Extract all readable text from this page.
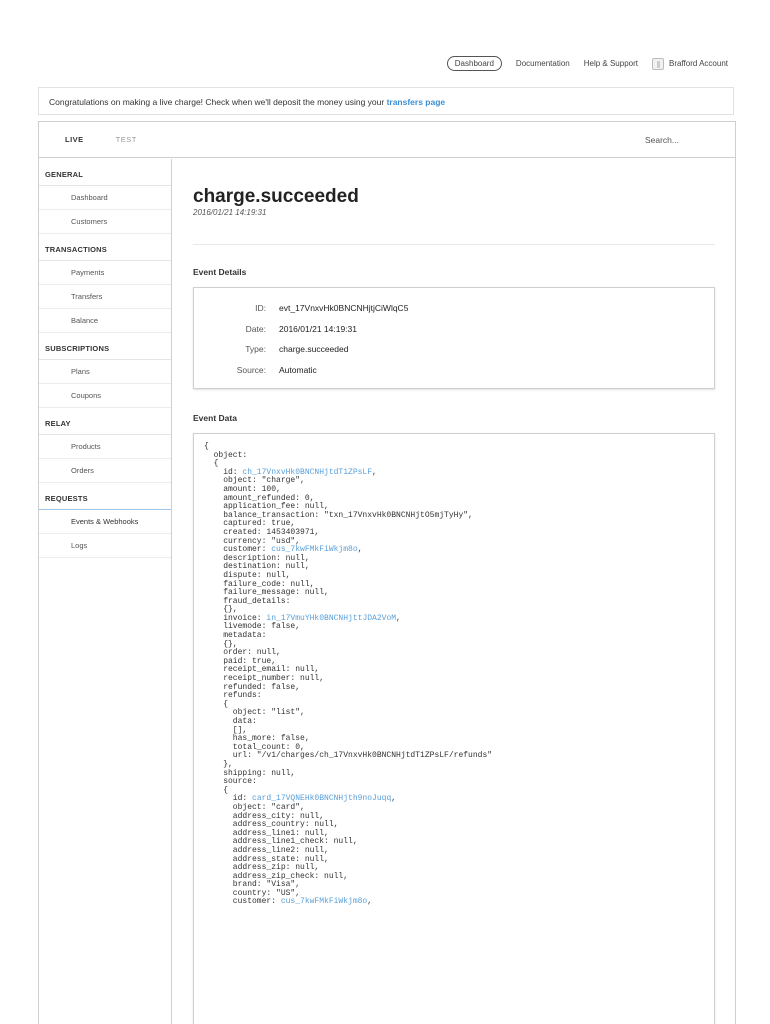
Dashboard	Documentation Help & Support	Brafford Account
Congratulations on making a live charge! Check when we'll deposit the money using your transfers page
LIVE	TEST	Search...
GENERAL
Dashboard
Customers
TRANSACTIONS
Payments
Transfers
Balance
SUBSCRIPTIONS
Plans
Coupons
RELAY
Products
Orders
REQUESTS
Events & Webhooks
Logs
charge.succeeded
2016/01/21 14:19:31
Event Details
ID: evt_17VnxvHk0BNCNHjtjCiWlqC5
Date: 2016/01/21 14:19:31
Type: charge.succeeded
Source: Automatic
Event Data
{
object:
{
id: ch_17VnxvHk0BNCNHjtdT1ZPsLF,
object: "charge",
amount: 100,
amount_refunded: 0,
application_fee: null,
balance_transaction: "txn_17VnxvHk0BNCNHjtO5mjTyHy",
captured: true,
created: 1453403971,
currency: "usd",
customer: cus_7kwFMkFiWkjm8o,
description: null,
destination: null,
dispute: null,
failure_code: null,
failure_message: null,
fraud_details:
{},
invoice: in_17VmuYHk0BNCNHjttJDA2VoM,
livemode: false,
metadata:
{},
order: null,
paid: true,
receipt_email: null,
receipt_number: null,
refunded: false,
refunds:
{
object: "list",
data:
[],
has_more: false,
total_count: 0,
url: "/v1/charges/ch_17VnxvHk0BNCNHjtdT1ZPsLF/refunds"
},
shipping: null,
source:
{
id: card_17VQNEHk0BNCNHjth9noJuqq,
object: "card",
address_city: null,
address_country: null,
address_line1: null,
address_line1_check: null,
address_line2: null,
address_state: null,
address_zip: null,
address_zip_check: null,
brand: "Visa",
country: "US",
customer: cus_7kwFMkFiWkjm8o,
